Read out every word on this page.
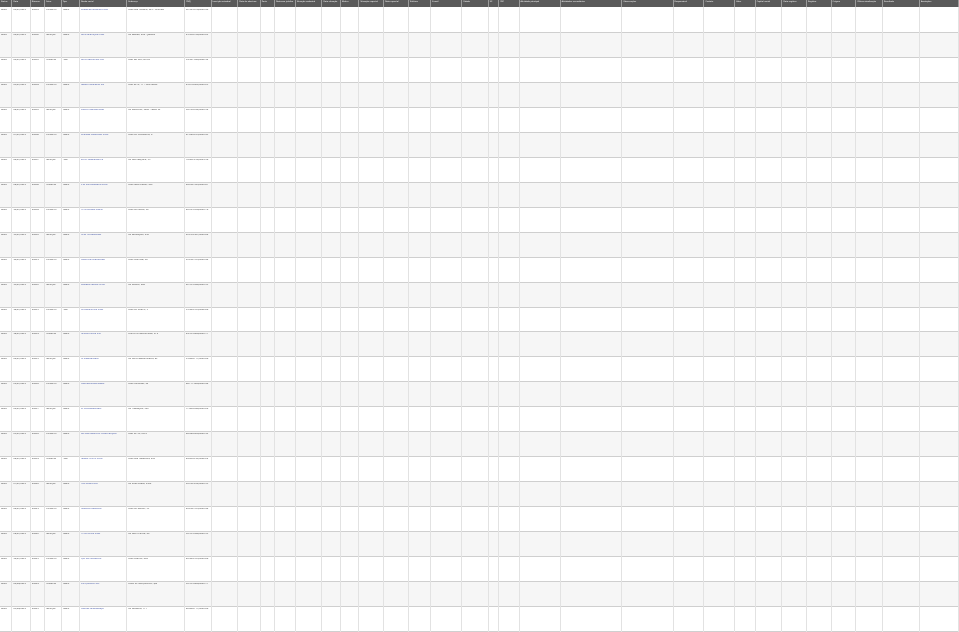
Status	Data	Número	Setor	Tipo	Razão social	Endereço	CNPJ	Inscrição estadual	Data de abertura	Porte	Natureza jurídica	Situação cadastral	Data situação	Motivo	Situação especial	Data especial	Telefone	E-mail	Cidade	UF	CEP	Atividade principal	Atividades secundárias	Observações	Responsável	Contato	Valor	Capital social	Data registro	Registro	Origem	Última atualização	Resultado	Anotações
Ativa	01/07/2021	00001	Comércio	Matriz	EMPRESA MODELO LTDA	RUA DAS FLORES, 123 - CENTRO	12.345.678/0001-90
Ativa	02/07/2021	00002	Serviços	Matriz	ALFA SERVIÇOS LTDA	AV BRASIL, 400 - JARDIM	23.456.789/0001-01
Ativa	02/07/2021	00003	Indústria	Filial	BETA INDÚSTRIA S.A.	ROD BR 116, KM 20	34.567.890/0002-12
Ativa	05/07/2021	00004	Comércio	Matriz	GAMA COMÉRCIO ME	RUA SETE, 77 - VILA NOVA	45.678.901/0001-23
Ativa	06/07/2021	00005	Serviços	Matriz	DELTA CONSULTORIA	AV PAULISTA, 1000 - SALA 12	56.789.012/0001-34
Ativa	07/07/2021	00006	Comércio	Matriz	ÉPSILON MERCADO LTDA	RUA DO COMÉRCIO, 9	67.890.123/0001-45
Ativa	08/07/2021	00007	Serviços	Filial	ZETA TRANSPORTES	AV DAS NAÇÕES, 55	78.901.234/0003-56
Ativa	09/07/2021	00008	Indústria	Matriz	ETA METALÚRGICA LTDA	RUA INDUSTRIAL, 300	89.012.345/0001-67
Ativa	12/07/2021	00009	Comércio	Matriz	TETA MODAS EIRELI	RUA DA MODA, 18	90.123.456/0001-78
Ativa	13/07/2021	00010	Serviços	Matriz	IOTA TECNOLOGIA	AV INOVAÇÃO, 250	01.234.567/0001-89
Ativa	14/07/2021	00011	Comércio	Matriz	CAPA DISTRIBUIDORA	RUA CENTRAL, 42	11.222.333/0001-44
Ativa	15/07/2021	00012	Serviços	Matriz	LAMBDA SAÚDE LTDA	AV SAÚDE, 800	22.333.444/0001-55
Ativa	16/07/2021	00013	Comércio	Filial	MI ALIMENTOS LTDA	RUA DO PORTO, 5	33.444.555/0002-66
Ativa	19/07/2021	00014	Indústria	Matriz	NI PLÁSTICOS S.A.	DISTRITO INDUSTRIAL, LT 4	44.555.666/0001-77
Ativa	20/07/2021	00015	Serviços	Matriz	XI ENGENHARIA	AV DOS ENGENHEIROS, 61	55.666.777/0001-88
Ativa	21/07/2021	00016	Comércio	Matriz	ÔMICRON PAPELARIA	RUA ESCOLAR, 14	66.777.888/0001-99
Ativa	22/07/2021	00017	Serviços	Matriz	PI CONTABILIDADE	AV FINANÇAS, 320	77.888.999/0001-00
Ativa	23/07/2021	00018	Comércio	Matriz	RÔ MATERIAIS DE CONSTRUÇÃO	ROD SP 55, KM 8	88.999.000/0001-11
Ativa	26/07/2021	00019	Indústria	Filial	SIGMA TÊXTIL LTDA	RUA DAS FÁBRICAS, 210	99.000.111/0002-22
Ativa	27/07/2021	00020	Serviços	Matriz	TAU LOGÍSTICA	AV PORTUÁRIA, 1500	10.111.222/0001-33
Ativa	28/07/2021	00021	Comércio	Matriz	ÍPSILON FARMÁCIA	RUA DA SAÚDE, 33	20.222.333/0001-44
Ativa	29/07/2021	00022	Serviços	Matriz	FI EVENTOS LTDA	AV DAS FESTAS, 90	30.333.444/0001-55
Ativa	30/07/2021	00023	Comércio	Matriz	QUI ELETRÔNICOS	RUA DIGITAL, 404	40.444.555/0001-66
Ativa	02/08/2021	00024	Indústria	Matriz	PSI QUÍMICA S.A.	POLO PETROQUÍMICO, S/N	50.555.666/0001-77
Ativa	03/08/2021	00025	Serviços	Matriz	ÔMEGA SEGURANÇA	AV GUARDA, 777	60.666.777/0001-88
